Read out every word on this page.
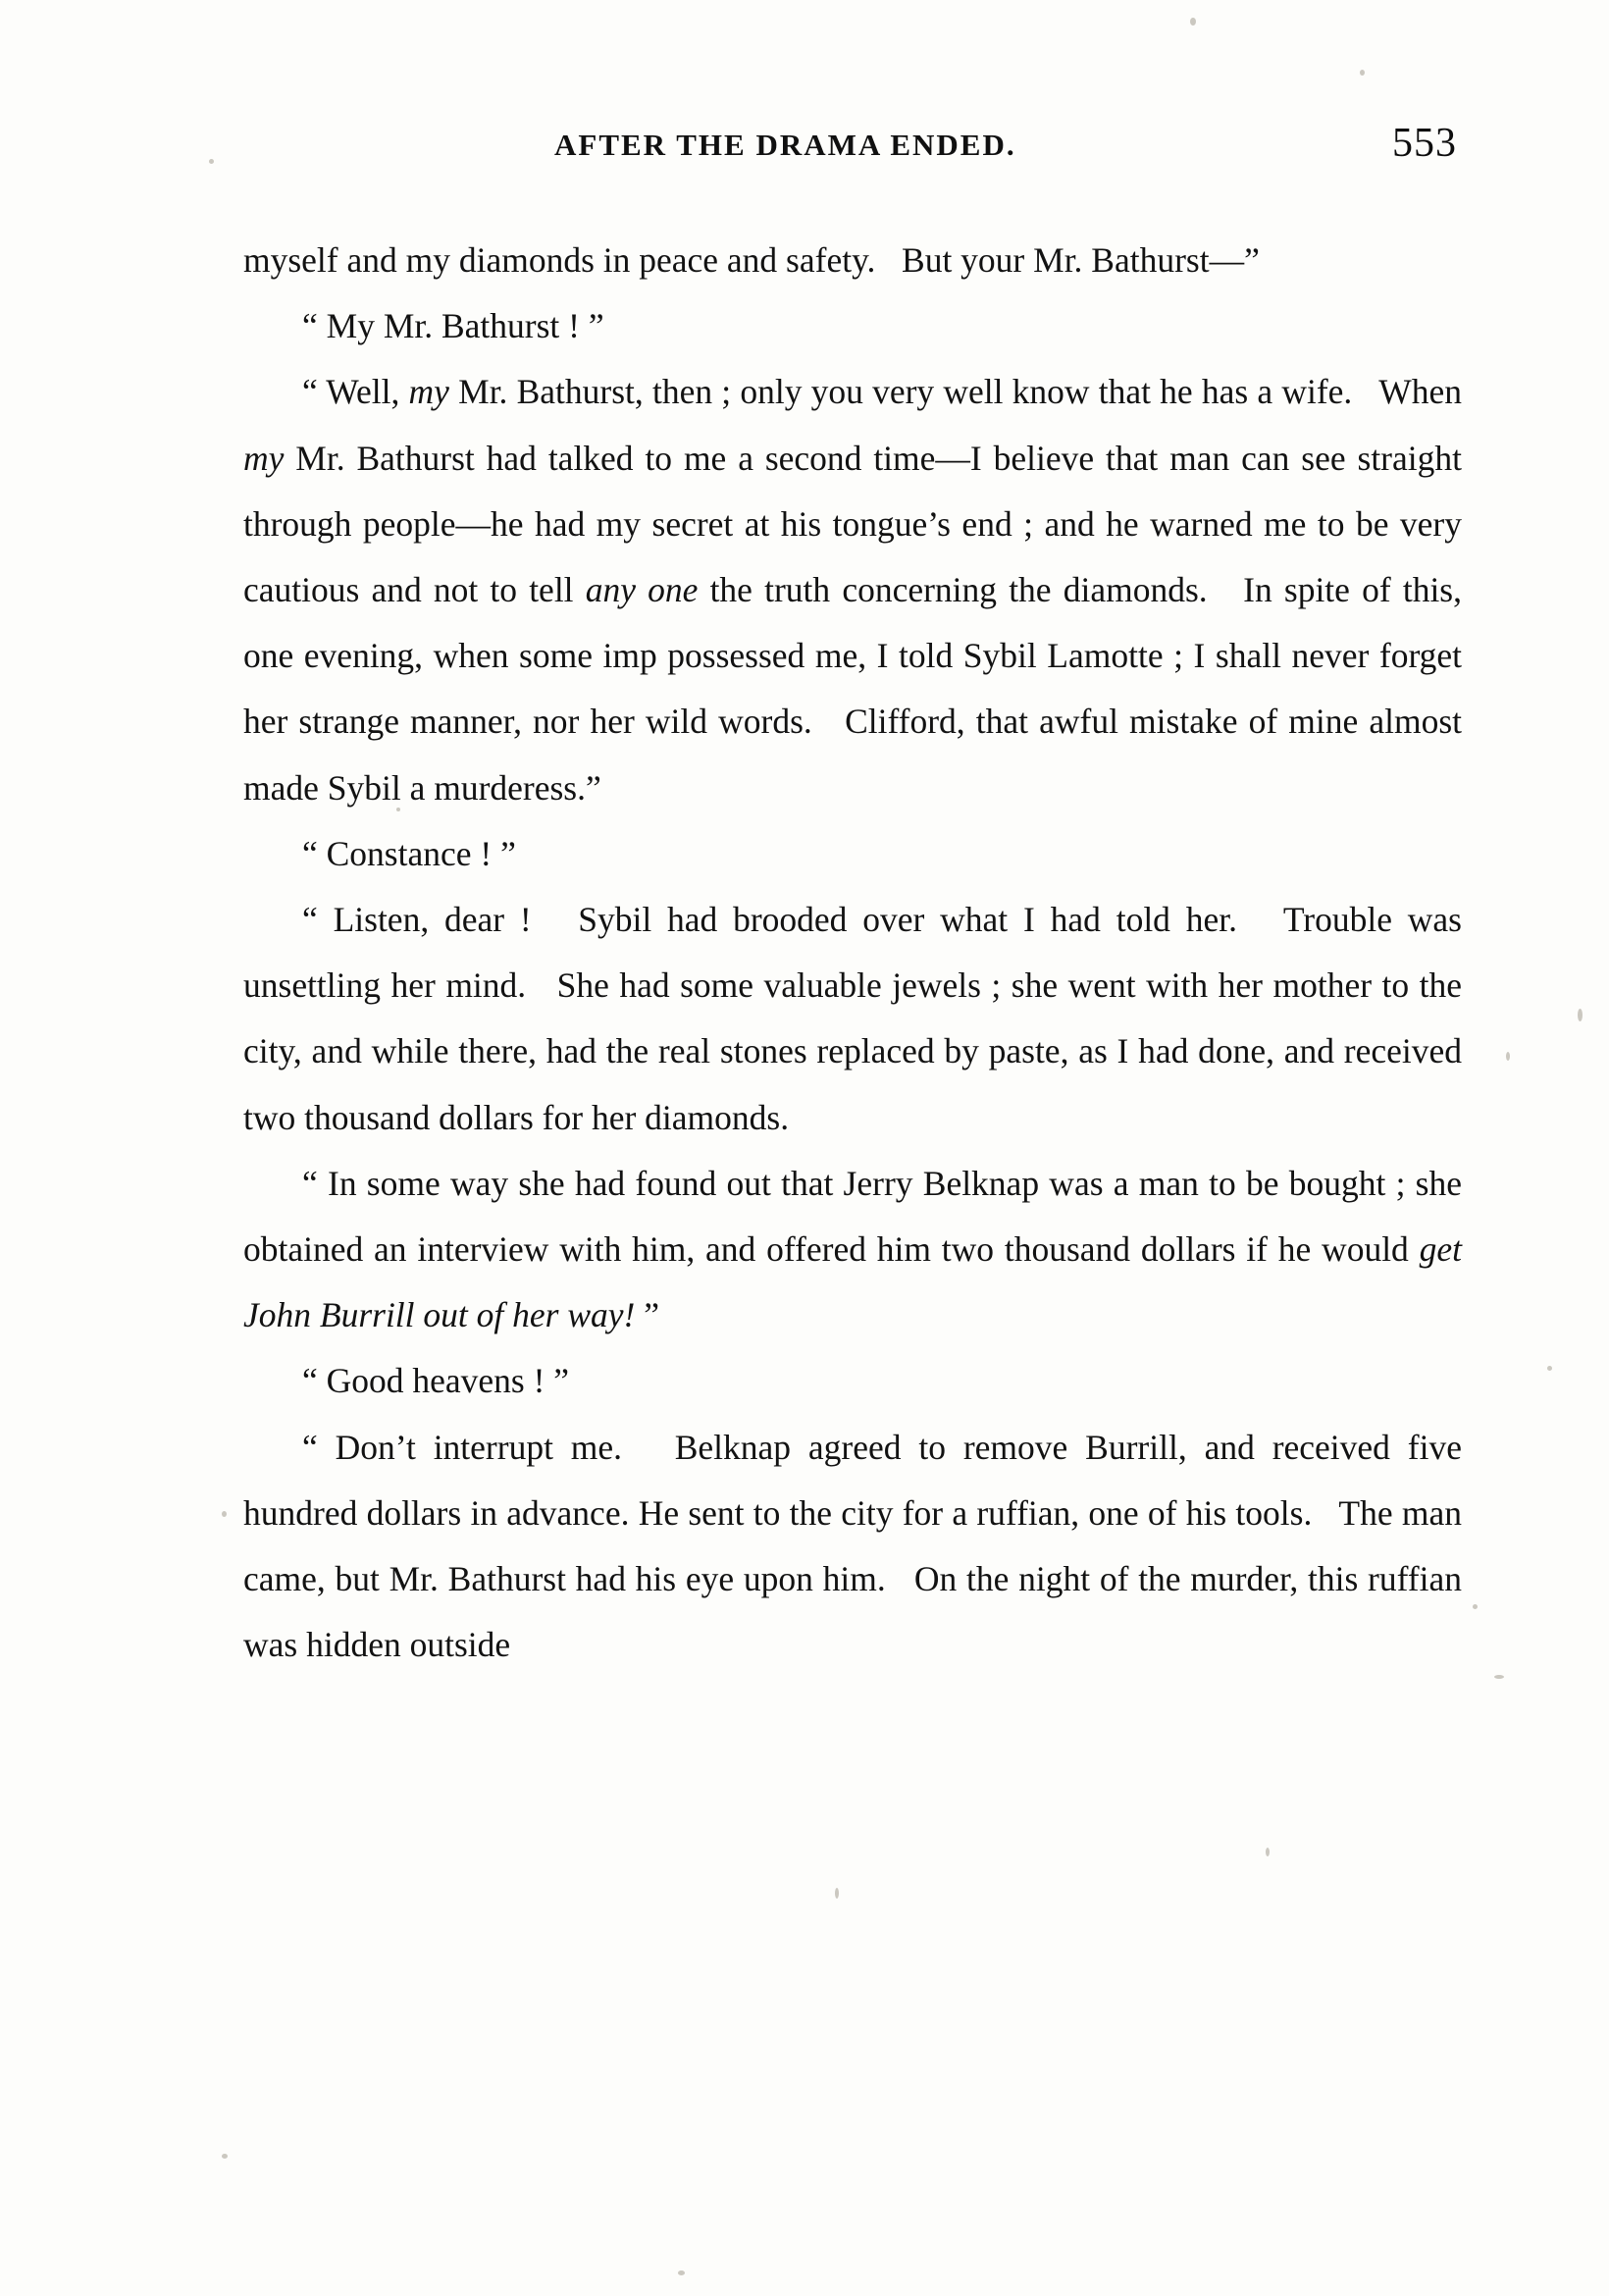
AFTER THE DRAMA ENDED.	553

myself and my diamonds in peace and safety.   But your Mr. Bathurst—”

“ My Mr. Bathurst ! ”

“ Well, my Mr. Bathurst, then ; only you very well know that he has a wife.   When my Mr. Bathurst had talked to me a second time—I believe that man can see straight through people—he had my secret at his tongue’s end ; and he warned me to be very cautious and not to tell any one the truth concerning the diamonds.   In spite of this, one evening, when some imp possessed me, I told Sybil Lamotte ; I shall never forget her strange manner, nor her wild words.   Clifford, that awful mistake of mine almost made Sybil a murderess.”

“ Constance ! ”

“ Listen, dear !   Sybil had brooded over what I had told her.   Trouble was unsettling her mind.   She had some valuable jewels ; she went with her mother to the city, and while there, had the real stones replaced by paste, as I had done, and received two thousand dollars for her diamonds.

“ In some way she had found out that Jerry Belknap was a man to be bought ; she obtained an interview with him, and offered him two thousand dollars if he would get John Burrill out of her way! ”

“ Good heavens ! ”

“ Don’t interrupt me.   Belknap agreed to remove Burrill, and received five hundred dollars in advance. He sent to the city for a ruffian, one of his tools.   The man came, but Mr. Bathurst had his eye upon him.   On the night of the murder, this ruffian was hidden outside
